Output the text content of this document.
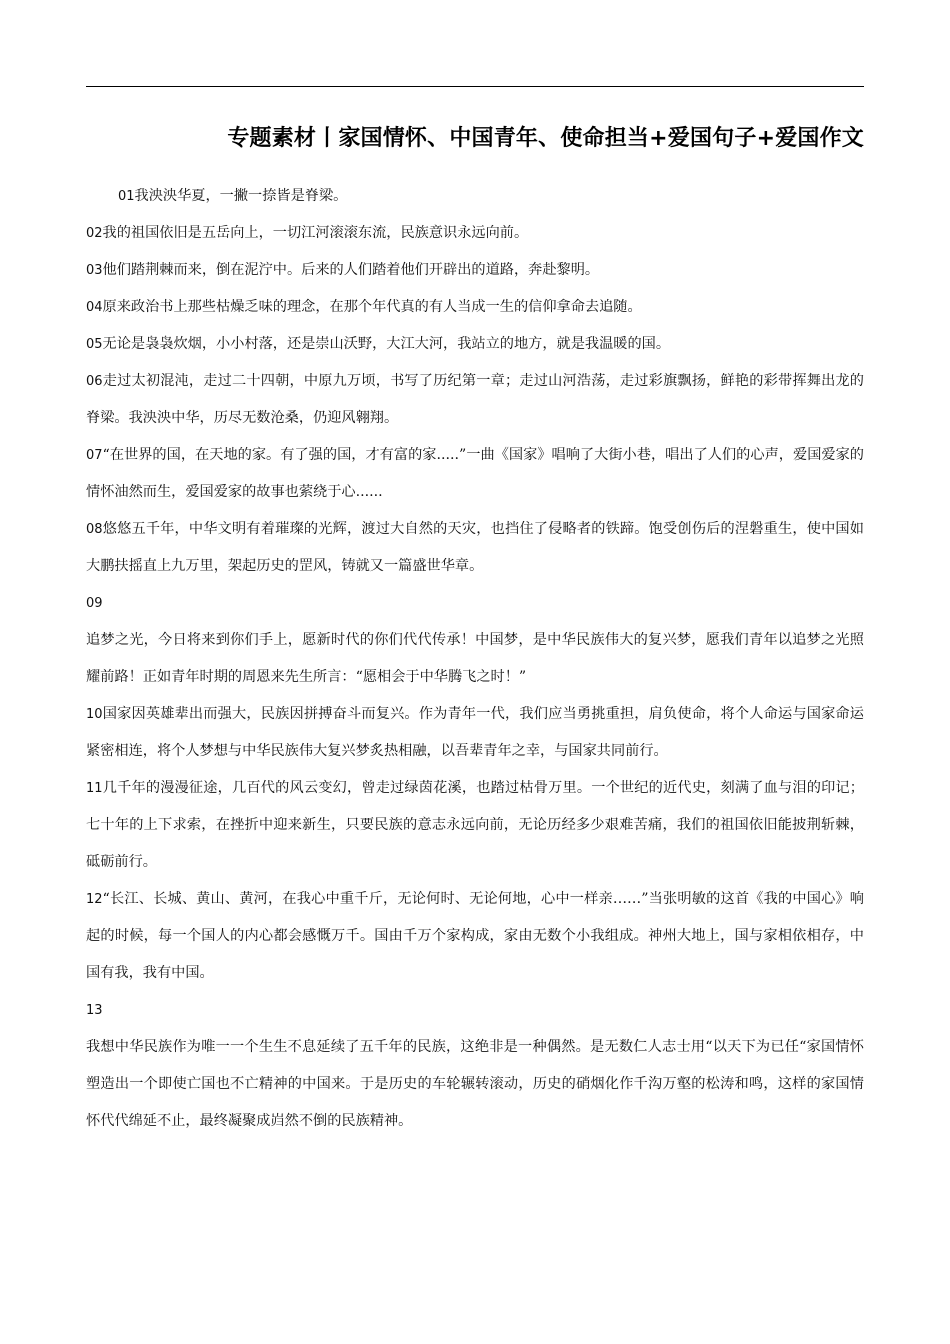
专题素材丨家国情怀、中国青年、使命担当+爱国句子+爱国作文

01我泱泱华夏，一撇一捺皆是脊梁。

02我的祖国依旧是五岳向上，一切江河滚滚东流，民族意识永远向前。

03他们踏荆棘而来，倒在泥泞中。后来的人们踏着他们开辟出的道路，奔赴黎明。

04原来政治书上那些枯燥乏味的理念，在那个年代真的有人当成一生的信仰拿命去追随。

05无论是袅袅炊烟，小小村落，还是崇山沃野，大江大河，我站立的地方，就是我温暖的国。

06走过太初混沌，走过二十四朝，中原九万顷，书写了历纪第一章；走过山河浩荡，走过彩旗飘扬，鲜艳的彩带挥舞出龙的脊梁。我泱泱中华，历尽无数沧桑，仍迎风翱翔。

07“在世界的国，在天地的家。有了强的国，才有富的家.....”一曲《国家》唱响了大街小巷，唱出了人们的心声，爱国爱家的情怀油然而生，爱国爱家的故事也萦绕于心......

08悠悠五千年，中华文明有着璀璨的光辉，渡过大自然的天灾，也挡住了侵略者的铁蹄。饱受创伤后的涅磐重生，使中国如大鹏扶摇直上九万里，架起历史的罡风，铸就又一篇盛世华章。

09

追梦之光，今日将来到你们手上，愿新时代的你们代代传承！中国梦，是中华民族伟大的复兴梦，愿我们青年以追梦之光照耀前路！正如青年时期的周恩来先生所言：“愿相会于中华腾飞之时！”

10国家因英雄辈出而强大，民族因拼搏奋斗而复兴。作为青年一代，我们应当勇挑重担，肩负使命，将个人命运与国家命运紧密相连，将个人梦想与中华民族伟大复兴梦炙热相融，以吾辈青年之幸，与国家共同前行。

11几千年的漫漫征途，几百代的风云变幻，曾走过绿茵花溪，也踏过枯骨万里。一个世纪的近代史，刻满了血与泪的印记；七十年的上下求索，在挫折中迎来新生，只要民族的意志永远向前，无论历经多少艰难苦痛，我们的祖国依旧能披荆斩棘，砥砺前行。

12“长江、长城、黄山、黄河，在我心中重千斤，无论何时、无论何地，心中一样亲……”当张明敏的这首《我的中国心》响起的时候，每一个国人的内心都会感慨万千。国由千万个家构成，家由无数个小我组成。神州大地上，国与家相依相存，中国有我，我有中国。

13

我想中华民族作为唯一一个生生不息延续了五千年的民族，这绝非是一种偶然。是无数仁人志士用“以天下为已任“家国情怀塑造出一个即使亡国也不亡精神的中国来。于是历史的车轮辗转滚动，历史的硝烟化作千沟万壑的松涛和鸣，这样的家国情怀代代绵延不止，最终凝聚成岿然不倒的民族精神。
